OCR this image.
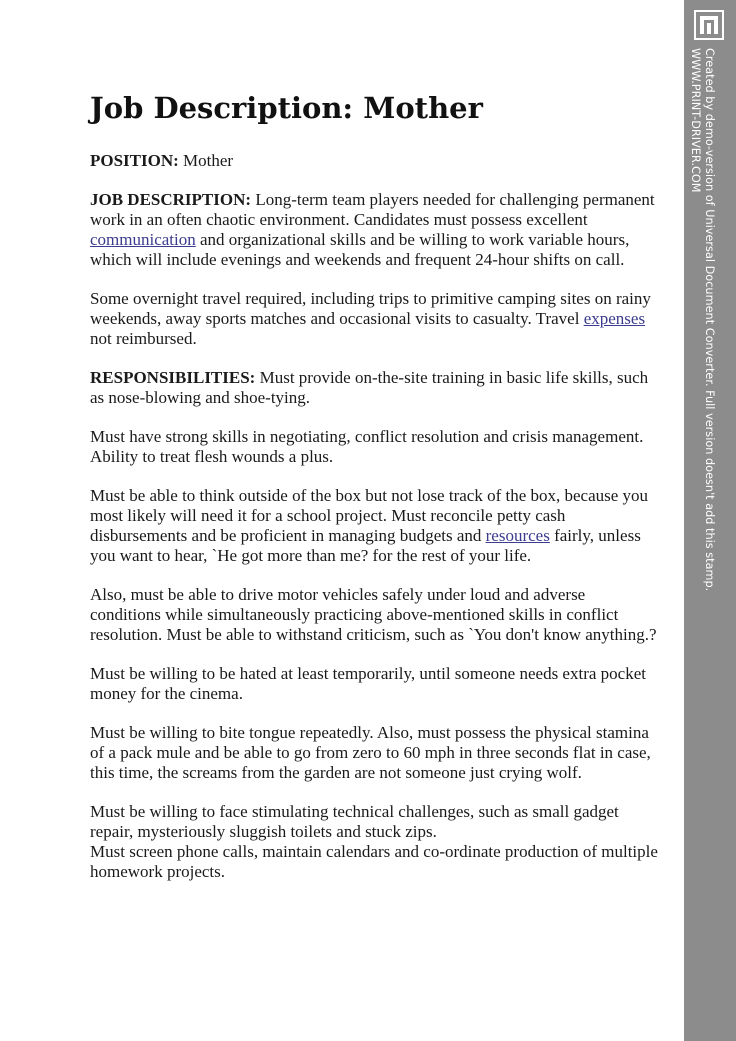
Job Description: Mother

POSITION: Mother

JOB DESCRIPTION: Long-term team players needed for challenging permanent work in an often chaotic environment. Candidates must possess excellent communication and organizational skills and be willing to work variable hours, which will include evenings and weekends and frequent 24-hour shifts on call.

Some overnight travel required, including trips to primitive camping sites on rainy weekends, away sports matches and occasional visits to casualty. Travel expenses not reimbursed.

RESPONSIBILITIES: Must provide on-the-site training in basic life skills, such as nose-blowing and shoe-tying.

Must have strong skills in negotiating, conflict resolution and crisis management. Ability to treat flesh wounds a plus.

Must be able to think outside of the box but not lose track of the box, because you most likely will need it for a school project. Must reconcile petty cash disbursements and be proficient in managing budgets and resources fairly, unless you want to hear, `He got more than me? for the rest of your life.

Also, must be able to drive motor vehicles safely under loud and adverse conditions while simultaneously practicing above-mentioned skills in conflict resolution. Must be able to withstand criticism, such as `You don't know anything.?

Must be willing to be hated at least temporarily, until someone needs extra pocket money for the cinema.

Must be willing to bite tongue repeatedly. Also, must possess the physical stamina of a pack mule and be able to go from zero to 60 mph in three seconds flat in case, this time, the screams from the garden are not someone just crying wolf.

Must be willing to face stimulating technical challenges, such as small gadget repair, mysteriously sluggish toilets and stuck zips.

Must screen phone calls, maintain calendars and co-ordinate production of multiple homework projects.

Created by demo-version of Universal Document Converter. Full version doesn't add this stamp.
WWW.PRINT-DRIVER.COM
